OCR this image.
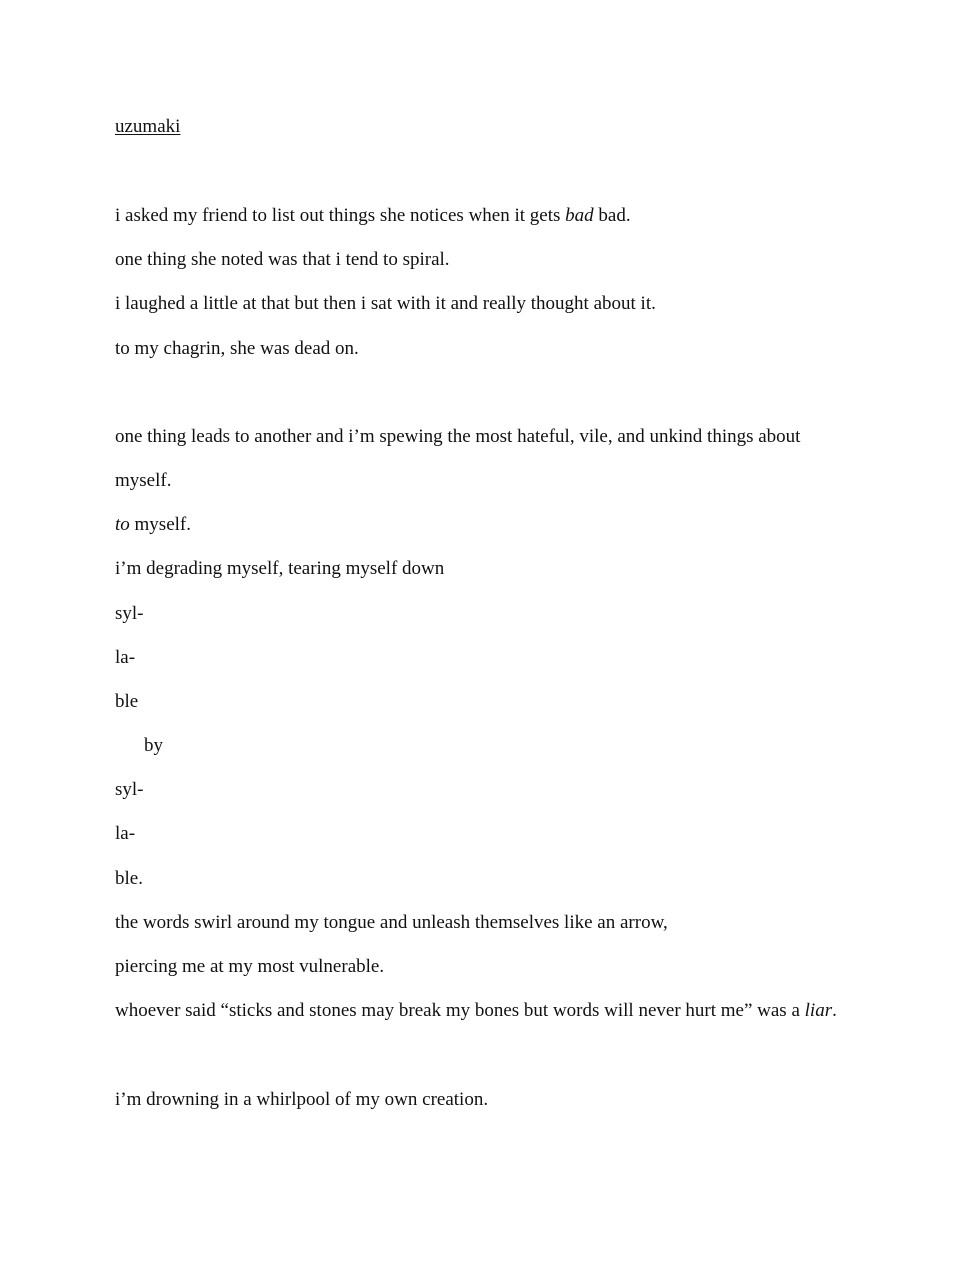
uzumaki
i asked my friend to list out things she notices when it gets bad bad.
one thing she noted was that i tend to spiral.
i laughed a little at that but then i sat with it and really thought about it.
to my chagrin, she was dead on.
one thing leads to another and i’m spewing the most hateful, vile, and unkind things about
myself.
to myself.
i’m degrading myself, tearing myself down
syl-
la-
ble
by
syl-
la-
ble.
the words swirl around my tongue and unleash themselves like an arrow,
piercing me at my most vulnerable.
whoever said “sticks and stones may break my bones but words will never hurt me” was a liar.
i’m drowning in a whirlpool of my own creation.
